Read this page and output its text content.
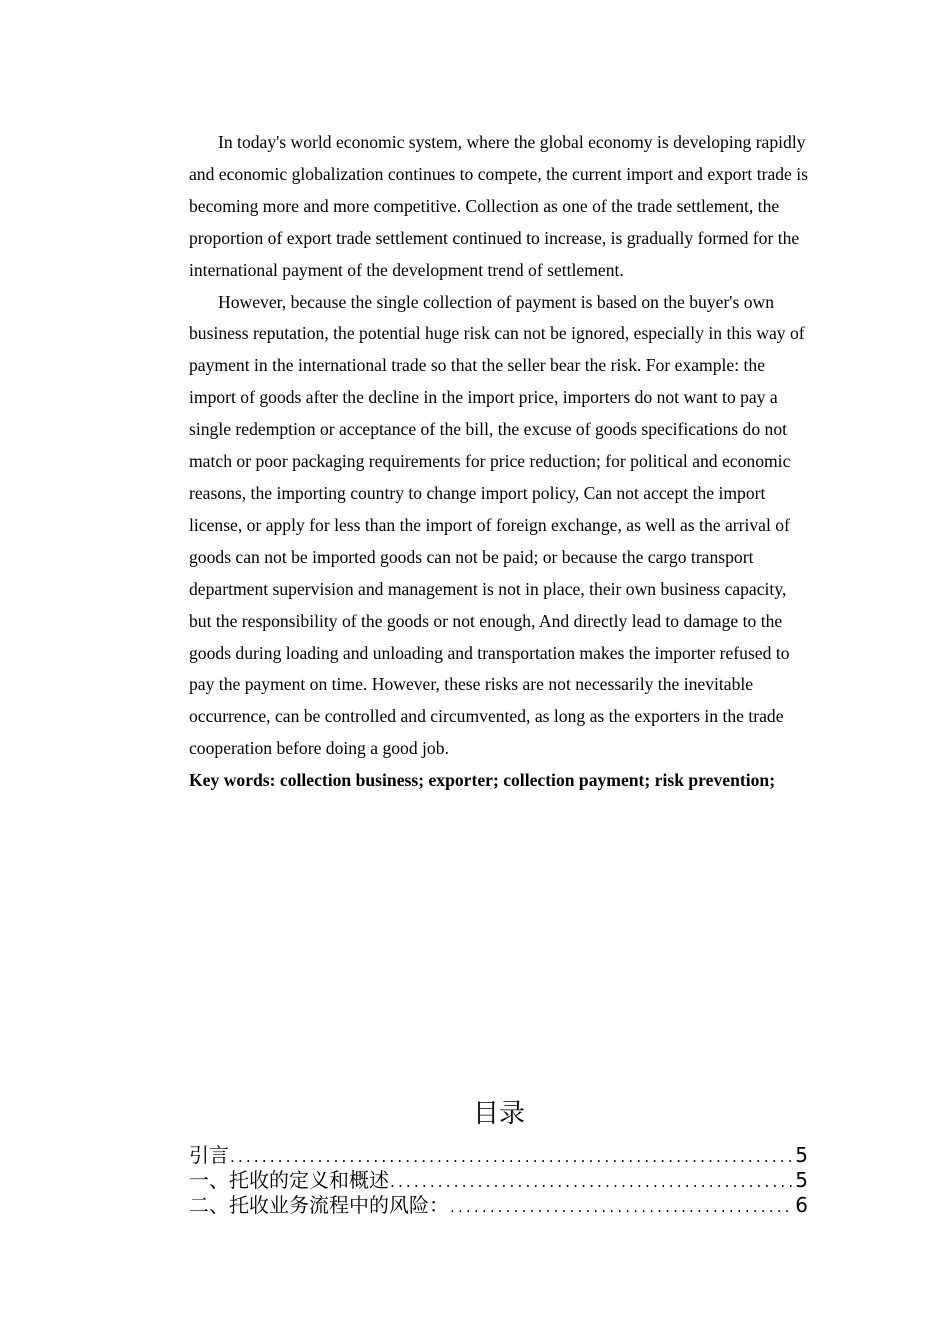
In today's world economic system, where the global economy is developing rapidly and economic globalization continues to compete, the current import and export trade is becoming more and more competitive. Collection as one of the trade settlement, the proportion of export trade settlement continued to increase, is gradually formed for the international payment of the development trend of settlement.

However, because the single collection of payment is based on the buyer's own business reputation, the potential huge risk can not be ignored, especially in this way of payment in the international trade so that the seller bear the risk. For example: the import of goods after the decline in the import price, importers do not want to pay a single redemption or acceptance of the bill, the excuse of goods specifications do not match or poor packaging requirements for price reduction; for political and economic reasons, the importing country to change import policy, Can not accept the import license, or apply for less than the import of foreign exchange, as well as the arrival of goods can not be imported goods can not be paid; or because the cargo transport department supervision and management is not in place, their own business capacity, but the responsibility of the goods or not enough, And directly lead to damage to the goods during loading and unloading and transportation makes the importer refused to pay the payment on time. However, these risks are not necessarily the inevitable occurrence, can be controlled and circumvented, as long as the exporters in the trade cooperation before doing a good job.

Key words: collection business; exporter; collection payment; risk prevention;

目录
引言 .....	5
一、托收的定义和概述 .....	5
二、托收业务流程中的风险： .....	6
